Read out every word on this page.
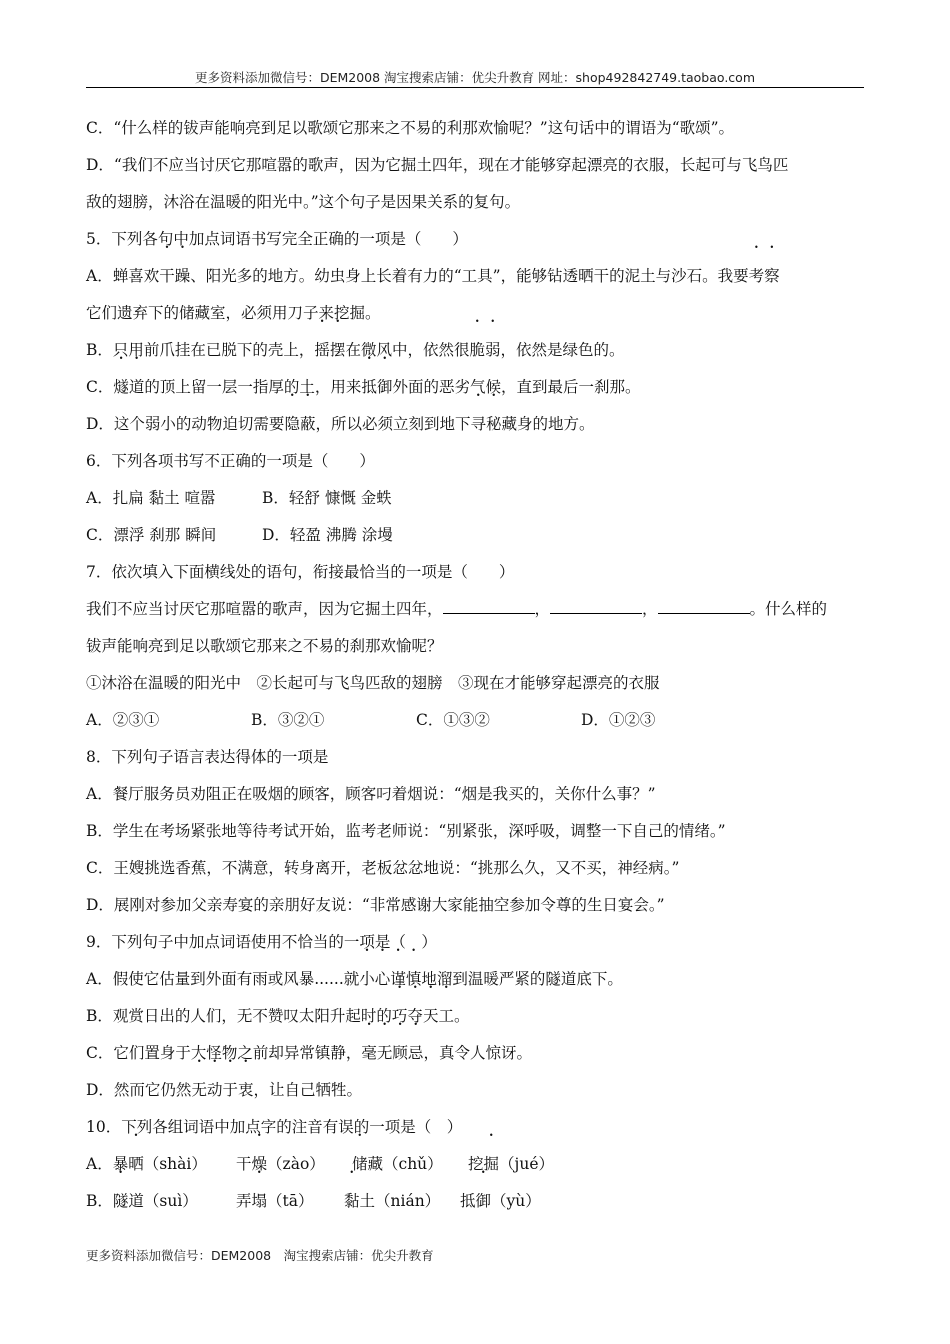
更多资料添加微信号：DEM2008 淘宝搜索店铺：优尖升教育 网址：shop492842749.taobao.com
C．“什么样的钹声能响亮到足以歌颂它那来之不易的利那欢愉呢？”这句话中的谓语为“歌颂”。
D．“我们不应当讨厌它那喧嚣的歌声，因为它掘土四年，现在才能够穿起漂亮的衣服，长起可与飞鸟匹
敌的翅膀，沐浴在温暖的阳光中。”这个句子是因果关系的复句。
5．下列各句中加点词语书写完全正确的一项是（　　）
A．蝉喜欢干躁、阳光多的地方。幼虫身上长着有力的“工具”，能够钻透晒干的泥土与沙石。我要考察
它们遗弃下的储藏室，必须用刀子来挖掘。
B．只用前爪挂在已脱下的壳上，摇摆在微风中，依然很脆弱，依然是绿色的。
C．燧道的顶上留一层一指厚的土，用来抵御外面的恶劣气候，直到最后一刹那。
D．这个弱小的动物迫切需要隐蔽，所以必须立刻到地下寻秘藏身的地方。
6．下列各项书写不正确的一项是（　　）
A．扎扁 黏土 喧嚣	B．轻舒 慷慨 金蛈
C．漂浮 刹那 瞬间	D．轻盈 沸腾 涂墁
7．依次填入下面横线处的语句，衔接最恰当的一项是（　　）
我们不应当讨厌它那喧嚣的歌声，因为它掘土四年，	，	，	。什么样的
钹声能响亮到足以歌颂它那来之不易的刹那欢愉呢？
①沐浴在温暖的阳光中　②长起可与飞鸟匹敌的翅膀　③现在才能够穿起漂亮的衣服
A．②③①	B．③②①	C．①③②	D．①②③
8．下列句子语言表达得体的一项是
A．餐厅服务员劝阻正在吸烟的顾客，顾客叼着烟说：“烟是我买的，关你什么事？”
B．学生在考场紧张地等待考试开始，监考老师说：“别紧张，深呼吸，调整一下自己的情绪。”
C．王嫂挑选香蕉，不满意，转身离开，老板忿忿地说：“挑那么久，又不买，神经病。”
D．展刚对参加父亲寿宴的亲朋好友说：“非常感谢大家能抽空参加令尊的生日宴会。”
9．下列句子中加点词语使用不恰当的一项是（　）
A．假使它估量到外面有雨或风暴......就小心谨慎地溜到温暖严紧的隧道底下。
B．观赏日出的人们，无不赞叹太阳升起时的巧夺天工。
C．它们置身于大怪物之前却异常镇静，毫无顾忌，真令人惊讶。
D．然而它仍然无动于衷，让自己牺牲。
10．下列各组词语中加点字的注音有误的一项是（　）
A．暴晒（shài） 干燥（zào） 储藏（chǔ） 挖掘（jué）
B．隧道（suì） 弄塌（tā） 黏土（nián） 抵御（yù）
更多资料添加微信号：DEM2008　淘宝搜索店铺：优尖升教育
